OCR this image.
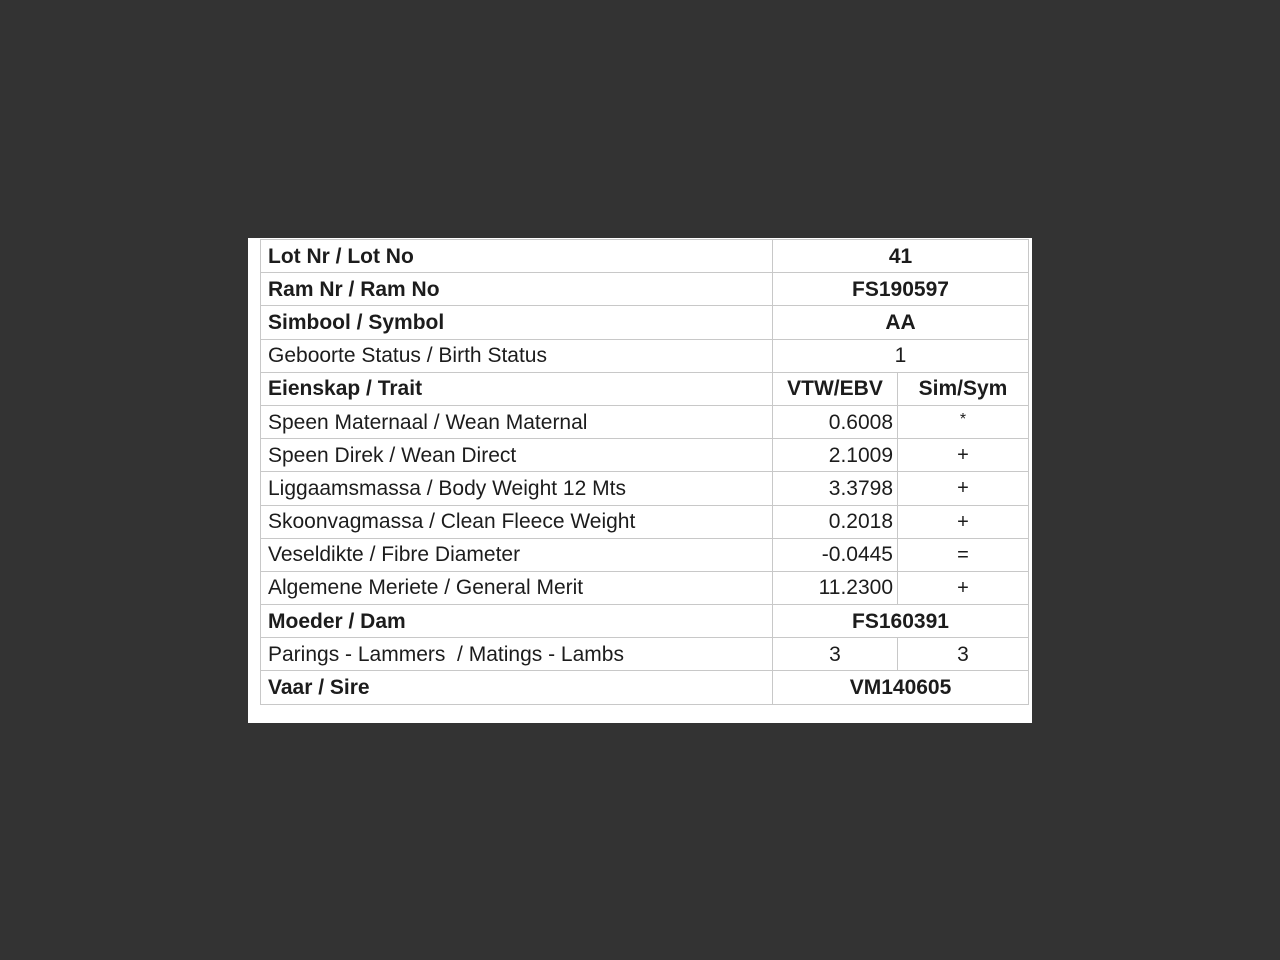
Lot Nr / Lot No	41	
Ram Nr / Ram No	FS190597	
Simbool / Symbol	AA	
Geboorte Status / Birth Status	1	
Eienskap / Trait	VTW/EBV	Sim/Sym
Speen Maternaal / Wean Maternal	0.6008	*
Speen Direk / Wean Direct	2.1009	+
Liggaamsmassa / Body Weight 12 Mts	3.3798	+
Skoonvagmassa / Clean Fleece Weight	0.2018	+
Veseldikte / Fibre Diameter	-0.0445	=
Algemene Meriete / General Merit	11.2300	+
Moeder / Dam	FS160391	
Parings - Lammers  / Matings - Lambs	3	3
Vaar / Sire	VM140605	
